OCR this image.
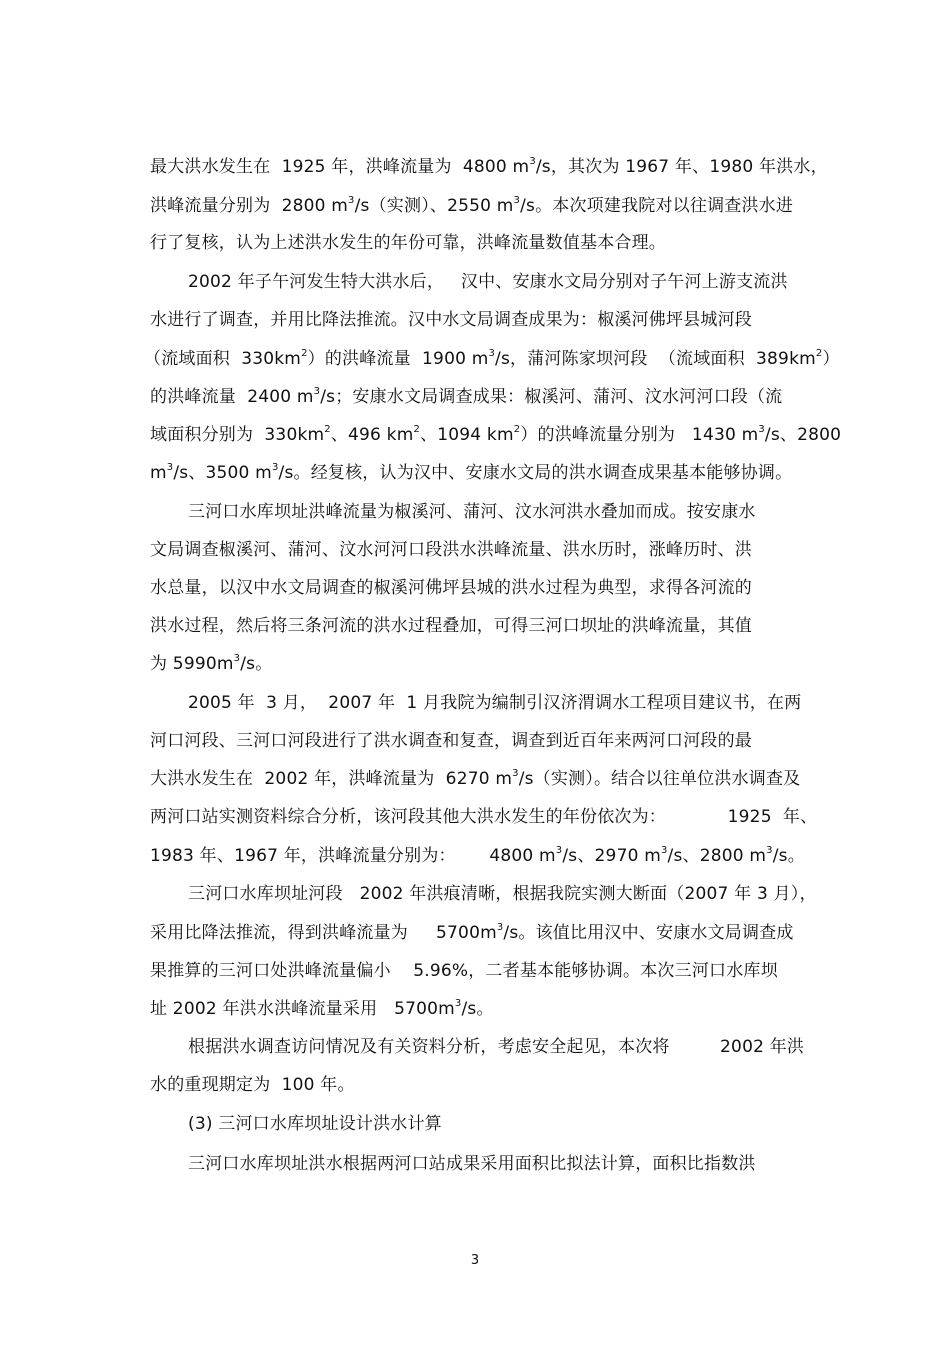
最大洪水发生在  1925 年，洪峰流量为  4800 $m^3/s$，其次为 1967 年、1980 年洪水，
洪峰流量分别为  2800 $m^3/s$（实测）、2550 $m^3/s$。本次项建我院对以往调查洪水进
行了复核，认为上述洪水发生的年份可靠，洪峰流量数值基本合理。
2002 年子午河发生特大洪水后，   汉中、安康水文局分别对子午河上游支流洪
水进行了调查，并用比降法推流。汉中水文局调查成果为：椒溪河佛坪县城河段
（流域面积  $330km^2$）的洪峰流量  1900 $m^3/s$，蒲河陈家坝河段  （流域面积  $389km^2$）
的洪峰流量  2400 $m^3/s$；安康水文局调查成果：椒溪河、蒲河、汶水河河口段（流
域面积分别为  $330km^2$、496 $km^2$、1094 $km^2$）的洪峰流量分别为   1430 $m^3/s$、2800
$m^3/s$、3500 $m^3/s$。经复核，认为汉中、安康水文局的洪水调查成果基本能够协调。
三河口水库坝址洪峰流量为椒溪河、蒲河、汶水河洪水叠加而成。按安康水
文局调查椒溪河、蒲河、汶水河河口段洪水洪峰流量、洪水历时，涨峰历时、洪
水总量，以汉中水文局调查的椒溪河佛坪县城的洪水过程为典型，求得各河流的
洪水过程，然后将三条河流的洪水过程叠加，可得三河口坝址的洪峰流量，其值
为 $5990m^3/s$。
2005 年  3 月，  2007 年  1 月我院为编制引汉济渭调水工程项目建议书，在两
河口河段、三河口河段进行了洪水调查和复查，调查到近百年来两河口河段的最
大洪水发生在  2002 年，洪峰流量为  6270 $m^3/s$（实测）。结合以往单位洪水调查及
两河口站实测资料综合分析，该河段其他大洪水发生的年份依次为：           1925  年、
1983 年、1967 年，洪峰流量分别为：      4800 $m^3/s$、2970 $m^3/s$、2800 $m^3/s$。
三河口水库坝址河段   2002 年洪痕清晰，根据我院实测大断面（2007 年 3 月），
采用比降法推流，得到洪峰流量为     $5700m^3/s$。该值比用汉中、安康水文局调查成
果推算的三河口处洪峰流量偏小    5.96%，二者基本能够协调。本次三河口水库坝
址 2002 年洪水洪峰流量采用   $5700m^3/s$。
根据洪水调查访问情况及有关资料分析，考虑安全起见，本次将         2002 年洪
水的重现期定为  100 年。
(3) 三河口水库坝址设计洪水计算
三河口水库坝址洪水根据两河口站成果采用面积比拟法计算，面积比指数洪
3
